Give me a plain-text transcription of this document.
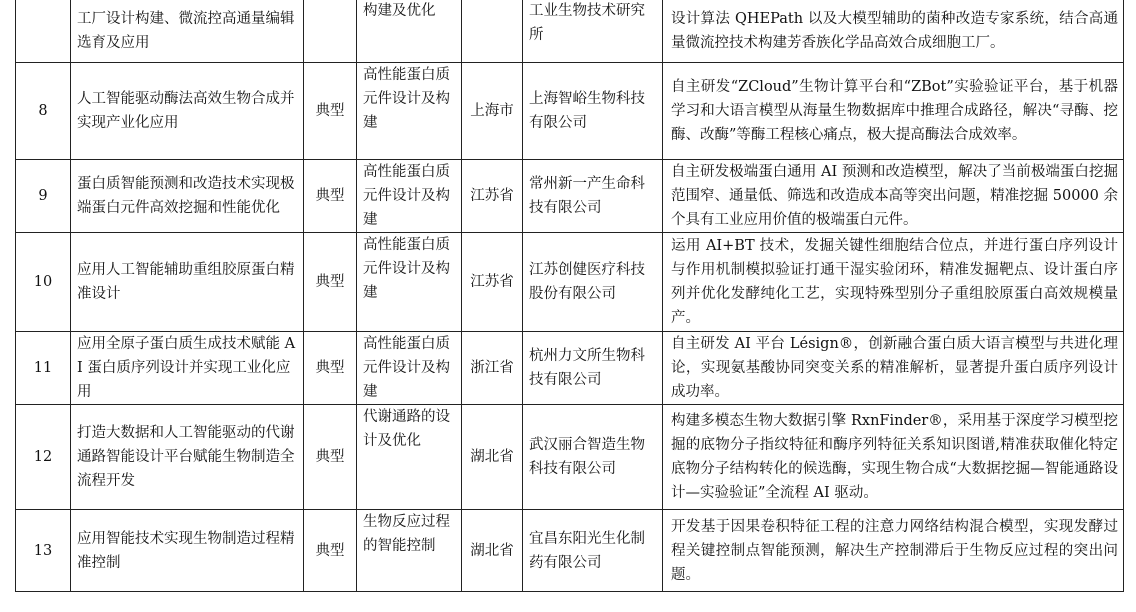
	工厂设计构建、微流控高通量编辑选育及应用		构建及优化		工业生物技术研究所	设计算法 QHEPath 以及大模型辅助的菌种改造专家系统，结合高通量微流控技术构建芳香族化学品高效合成细胞工厂。
8	人工智能驱动酶法高效生物合成并实现产业化应用	典型	高性能蛋白质元件设计及构建	上海市	上海智峪生物科技有限公司	自主研发“ZCloud”生物计算平台和“ZBot”实验验证平台，基于机器学习和大语言模型从海量生物数据库中推理合成路径，解决“寻酶、挖酶、改酶”等酶工程核心痛点，极大提高酶法合成效率。
9	蛋白质智能预测和改造技术实现极端蛋白元件高效挖掘和性能优化	典型	高性能蛋白质元件设计及构建	江苏省	常州新一产生命科技有限公司	自主研发极端蛋白通用 AI 预测和改造模型，解决了当前极端蛋白挖掘范围窄、通量低、筛选和改造成本高等突出问题，精准挖掘 50000 余个具有工业应用价值的极端蛋白元件。
10	应用人工智能辅助重组胶原蛋白精准设计	典型	高性能蛋白质元件设计及构建	江苏省	江苏创健医疗科技股份有限公司	运用 AI+BT 技术，发掘关键性细胞结合位点，并进行蛋白序列设计与作用机制模拟验证打通干湿实验闭环，精准发掘靶点、设计蛋白序列并优化发酵纯化工艺，实现特殊型别分子重组胶原蛋白高效规模量产。
11	应用全原子蛋白质生成技术赋能 AI 蛋白质序列设计并实现工业化应用	典型	高性能蛋白质元件设计及构建	浙江省	杭州力文所生物科技有限公司	自主研发 AI 平台 Lésign®，创新融合蛋白质大语言模型与共进化理论，实现氨基酸协同突变关系的精准解析，显著提升蛋白质序列设计成功率。
12	打造大数据和人工智能驱动的代谢通路智能设计平台赋能生物制造全流程开发	典型	代谢通路的设计及优化	湖北省	武汉丽合智造生物科技有限公司	构建多模态生物大数据引擎 RxnFinder®，采用基于深度学习模型挖掘的底物分子指纹特征和酶序列特征关系知识图谱,精准获取催化特定底物分子结构转化的候选酶，实现生物合成“大数据挖掘—智能通路设计—实验验证”全流程 AI 驱动。
13	应用智能技术实现生物制造过程精准控制	典型	生物反应过程的智能控制	湖北省	宜昌东阳光生化制药有限公司	开发基于因果卷积特征工程的注意力网络结构混合模型，实现发酵过程关键控制点智能预测，解决生产控制滞后于生物反应过程的突出问题。
